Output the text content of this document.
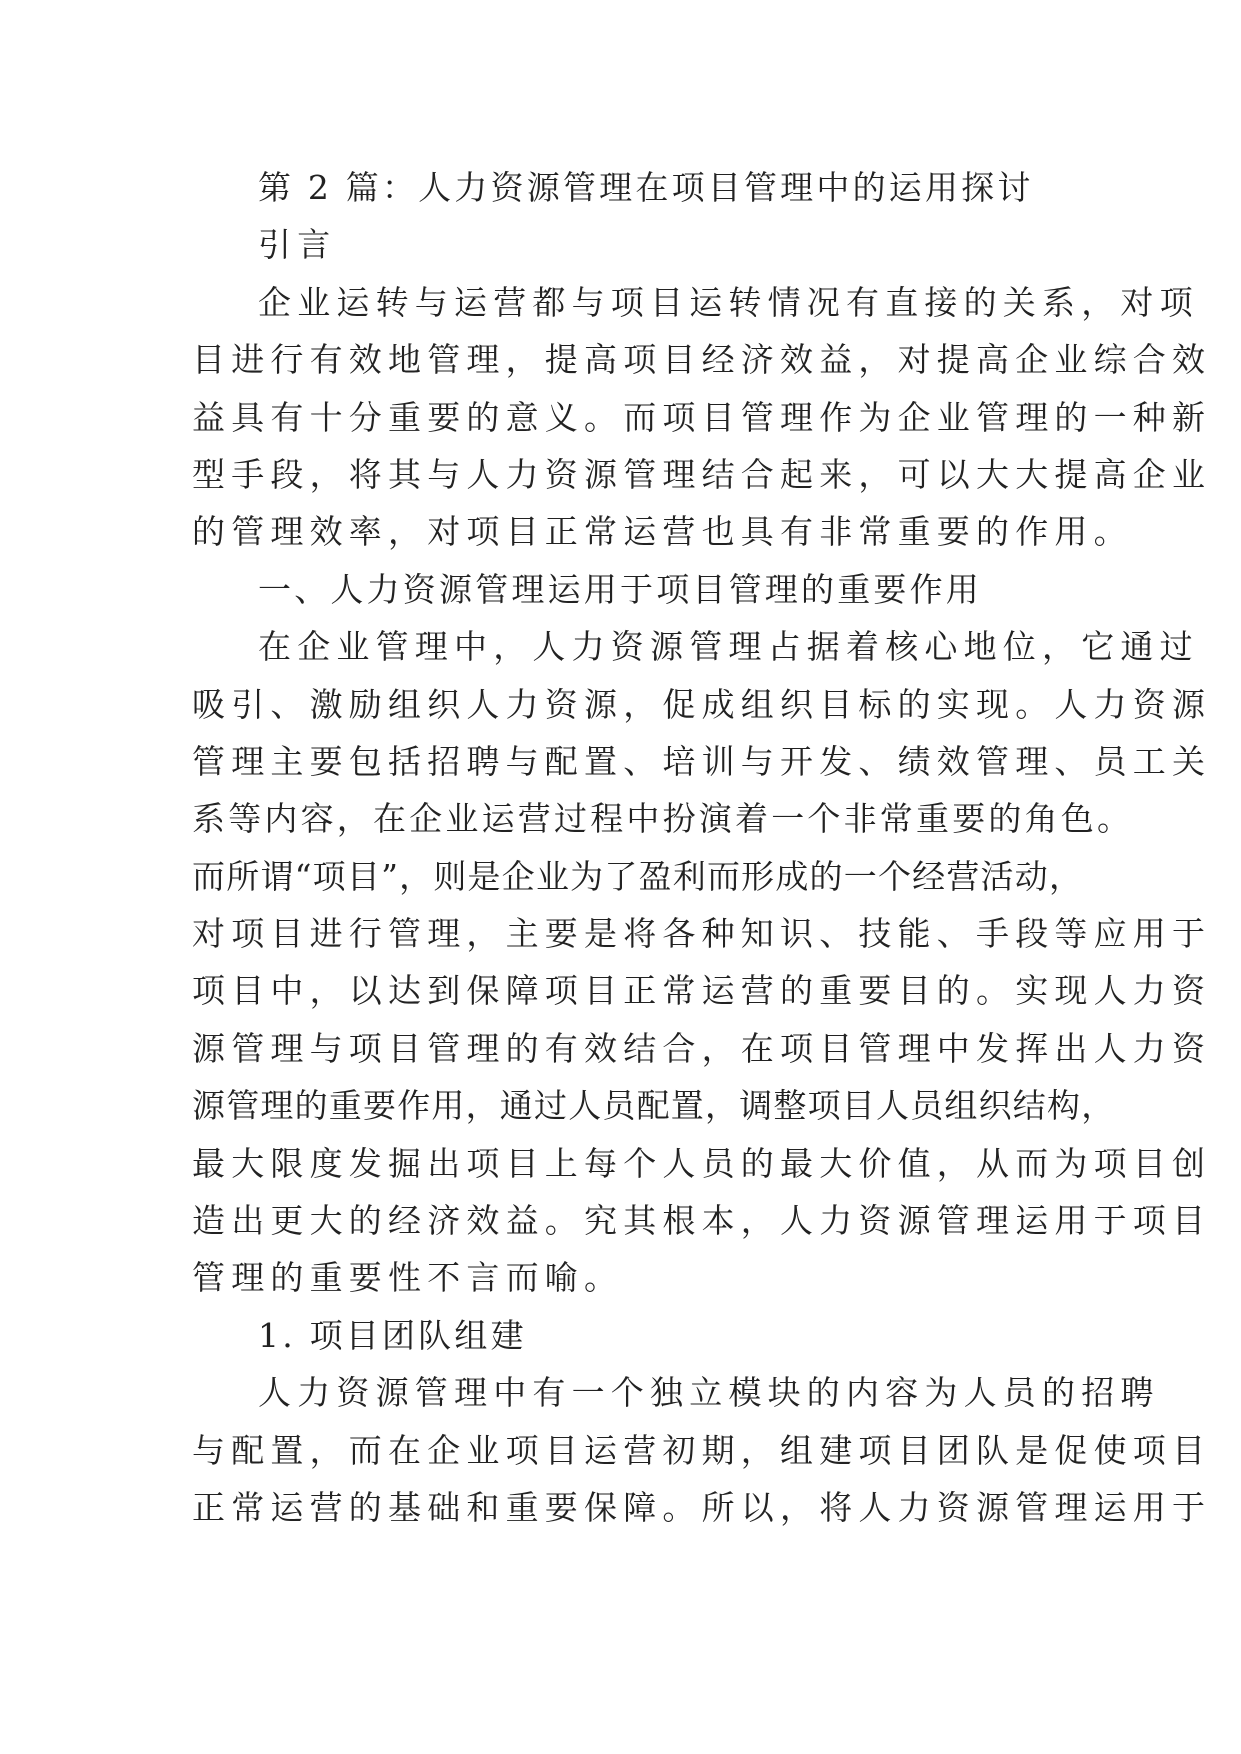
第 2 篇：人力资源管理在项目管理中的运用探讨
引言
企业运转与运营都与项目运转情况有直接的关系，对项
目进行有效地管理，提高项目经济效益，对提高企业综合效
益具有十分重要的意义。而项目管理作为企业管理的一种新
型手段，将其与人力资源管理结合起来，可以大大提高企业
的管理效率，对项目正常运营也具有非常重要的作用。
一、人力资源管理运用于项目管理的重要作用
在企业管理中，人力资源管理占据着核心地位，它通过
吸引、激励组织人力资源，促成组织目标的实现。人力资源
管理主要包括招聘与配置、培训与开发、绩效管理、员工关
系等内容，在企业运营过程中扮演着一个非常重要的角色。
而所谓“项目”，则是企业为了盈利而形成的一个经营活动，
对项目进行管理，主要是将各种知识、技能、手段等应用于
项目中，以达到保障项目正常运营的重要目的。实现人力资
源管理与项目管理的有效结合，在项目管理中发挥出人力资
源管理的重要作用，通过人员配置，调整项目人员组织结构，
最大限度发掘出项目上每个人员的最大价值，从而为项目创
造出更大的经济效益。究其根本，人力资源管理运用于项目
管理的重要性不言而喻。
1. 项目团队组建
人力资源管理中有一个独立模块的内容为人员的招聘
与配置，而在企业项目运营初期，组建项目团队是促使项目
正常运营的基础和重要保障。所以，将人力资源管理运用于
